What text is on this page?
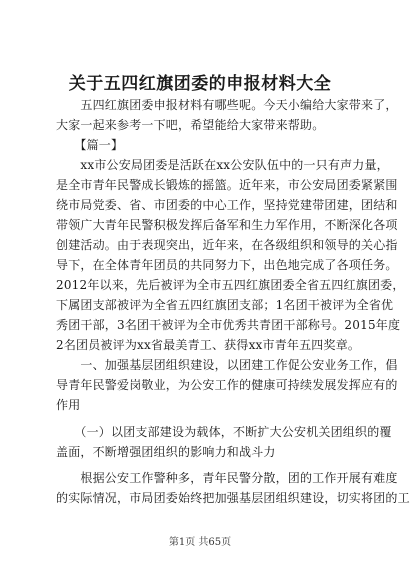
关于五四红旗团委的申报材料大全
　　五四红旗团委申报材料有哪些呢。今天小编给大家带来了，
大家一起来参考一下吧，希望能给大家带来帮助。
　　【篇一】
　　xx市公安局团委是活跃在xx公安队伍中的一只有声力量，
是全市青年民警成长锻炼的摇篮。近年来，市公安局团委紧紧围
绕市局党委、省、市团委的中心工作，坚持党建带团建，团结和
带领广大青年民警积极发挥后备军和生力军作用，不断深化各项
创建活动。由于表现突出，近年来，在各级组织和领导的关心指
导下，在全体青年团员的共同努力下，出色地完成了各项任务。
2012年以来，先后被评为全市五四红旗团委全省五四红旗团委，
下属团支部被评为全省五四红旗团支部；1名团干被评为全省优
秀团干部，3名团干被评为全市优秀共青团干部称号。2015年度
2名团员被评为xx省最美青工、获得xx市青年五四奖章。
　　一、加强基层团组织建设，以团建工作促公安业务工作，倡
导青年民警爱岗敬业，为公安工作的健康可持续发展发挥应有的
作用
　　（一）以团支部建设为载体，不断扩大公安机关团组织的覆
盖面，不断增强团组织的影响力和战斗力
　　根据公安工作警种多，青年民警分散，团的工作开展有难度
的实际情况，市局团委始终把加强基层团组织建设，切实将团的工
第1页 共65页
